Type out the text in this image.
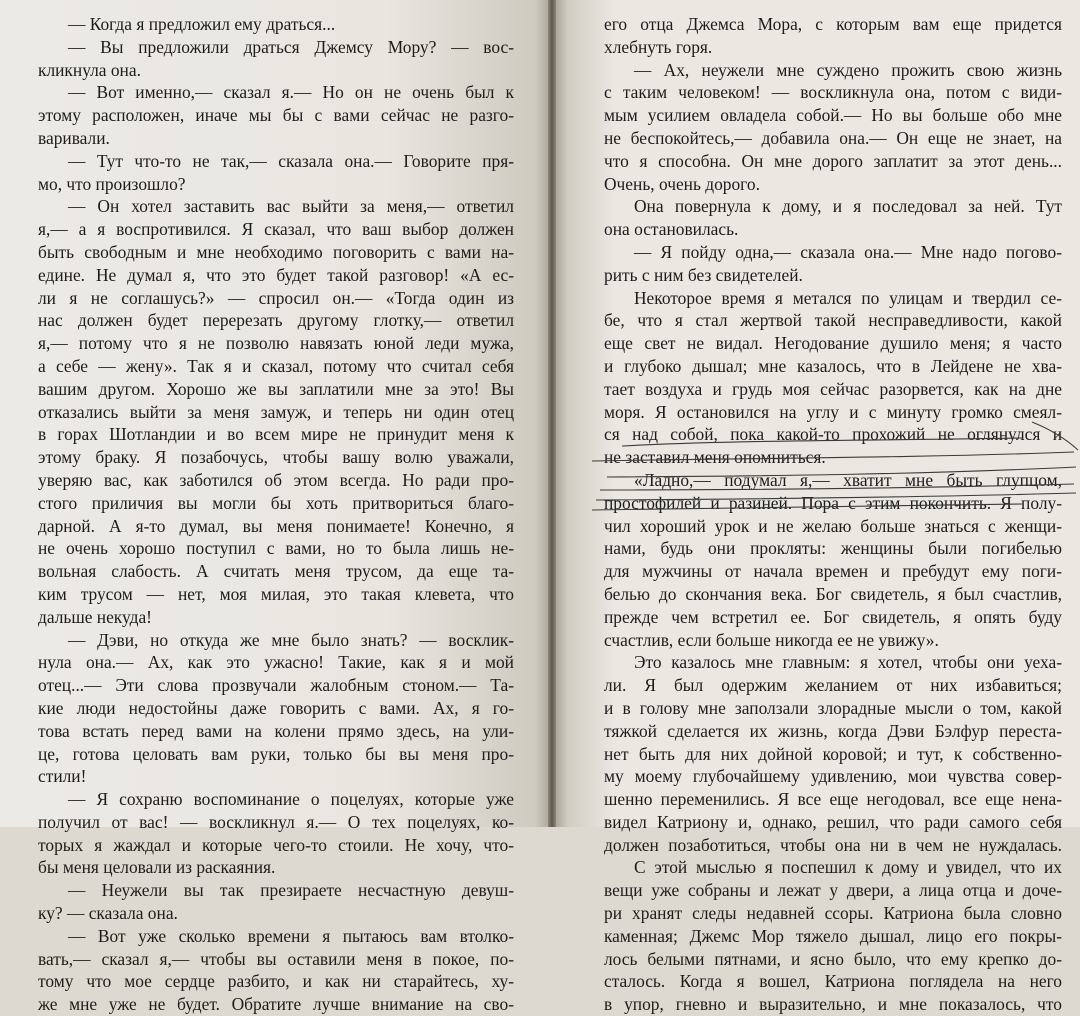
— Когда я предложил ему драться...
— Вы предложили драться Джемсу Мору? — вос-
кликнула она.
— Вот именно,— сказал я.— Но он не очень был к
этому расположен, иначе мы бы с вами сейчас не разго-
варивали.
— Тут что-то не так,— сказала она.— Говорите пря-
мо, что произошло?
— Он хотел заставить вас выйти за меня,— ответил
я,— а я воспротивился. Я сказал, что ваш выбор должен
быть свободным и мне необходимо поговорить с вами на-
едине. Не думал я, что это будет такой разговор! «А ес-
ли я не соглашусь?» — спросил он.— «Тогда один из
нас должен будет перерезать другому глотку,— ответил
я,— потому что я не позволю навязать юной леди мужа,
а себе — жену». Так я и сказал, потому что считал себя
вашим другом. Хорошо же вы заплатили мне за это! Вы
отказались выйти за меня замуж, и теперь ни один отец
в горах Шотландии и во всем мире не принудит меня к
этому браку. Я позабочусь, чтобы вашу волю уважали,
уверяю вас, как заботился об этом всегда. Но ради про-
стого приличия вы могли бы хоть притвориться благо-
дарной. А я-то думал, вы меня понимаете! Конечно, я
не очень хорошо поступил с вами, но то была лишь не-
вольная слабость. А считать меня трусом, да еще та-
ким трусом — нет, моя милая, это такая клевета, что
дальше некуда!
— Дэви, но откуда же мне было знать? — восклик-
нула она.— Ах, как это ужасно! Такие, как я и мой
отец...— Эти слова прозвучали жалобным стоном.— Та-
кие люди недостойны даже говорить с вами. Ах, я го-
това встать перед вами на колени прямо здесь, на ули-
це, готова целовать вам руки, только бы вы меня про-
стили!
— Я сохраню воспоминание о поцелуях, которые уже
получил от вас! — воскликнул я.— О тех поцелуях, ко-
торых я жаждал и которые чего-то стоили. Не хочу, что-
бы меня целовали из раскаяния.
— Неужели вы так презираете несчастную девуш-
ку? — сказала она.
— Вот уже сколько времени я пытаюсь вам втолко-
вать,— сказал я,— чтобы вы оставили меня в покое, по-
тому что мое сердце разбито, и как ни старайтесь, ху-
же мне уже не будет. Обратите лучше внимание на сво-
его отца Джемса Мора, с которым вам еще придется
хлебнуть горя.
— Ах, неужели мне суждено прожить свою жизнь
с таким человеком! — воскликнула она, потом с види-
мым усилием овладела собой.— Но вы больше обо мне
не беспокойтесь,— добавила она.— Он еще не знает, на
что я способна. Он мне дорого заплатит за этот день...
Очень, очень дорого.
Она повернула к дому, и я последовал за ней. Тут
она остановилась.
— Я пойду одна,— сказала она.— Мне надо погово-
рить с ним без свидетелей.
Некоторое время я метался по улицам и твердил се-
бе, что я стал жертвой такой несправедливости, какой
еще свет не видал. Негодование душило меня; я часто
и глубоко дышал; мне казалось, что в Лейдене не хва-
тает воздуха и грудь моя сейчас разорвется, как на дне
моря. Я остановился на углу и с минуту громко смеял-
ся над собой, пока какой-то прохожий не оглянулся и
не заставил меня опомниться.
«Ладно,— подумал я,— хватит мне быть глупцом,
простофилей и разиней. Пора с этим покончить. Я полу-
чил хороший урок и не желаю больше знаться с женщи-
нами, будь они прокляты: женщины были погибелью
для мужчины от начала времен и пребудут ему поги-
белью до скончания века. Бог свидетель, я был счастлив,
прежде чем встретил ее. Бог свидетель, я опять буду
счастлив, если больше никогда ее не увижу».
Это казалось мне главным: я хотел, чтобы они уеха-
ли. Я был одержим желанием от них избавиться;
и в голову мне заползали злорадные мысли о том, какой
тяжкой сделается их жизнь, когда Дэви Бэлфур переста-
нет быть для них дойной коровой; и тут, к собственно-
му моему глубочайшему удивлению, мои чувства совер-
шенно переменились. Я все еще негодовал, все еще нена-
видел Катриону и, однако, решил, что ради самого себя
должен позаботиться, чтобы она ни в чем не нуждалась.
С этой мыслью я поспешил к дому и увидел, что их
вещи уже собраны и лежат у двери, а лица отца и доче-
ри хранят следы недавней ссоры. Катриона была словно
каменная; Джемс Мор тяжело дышал, лицо его покры-
лось белыми пятнами, и ясно было, что ему крепко до-
сталось. Когда я вошел, Катриона поглядела на него
в упор, гневно и выразительно, и мне показалось, что
